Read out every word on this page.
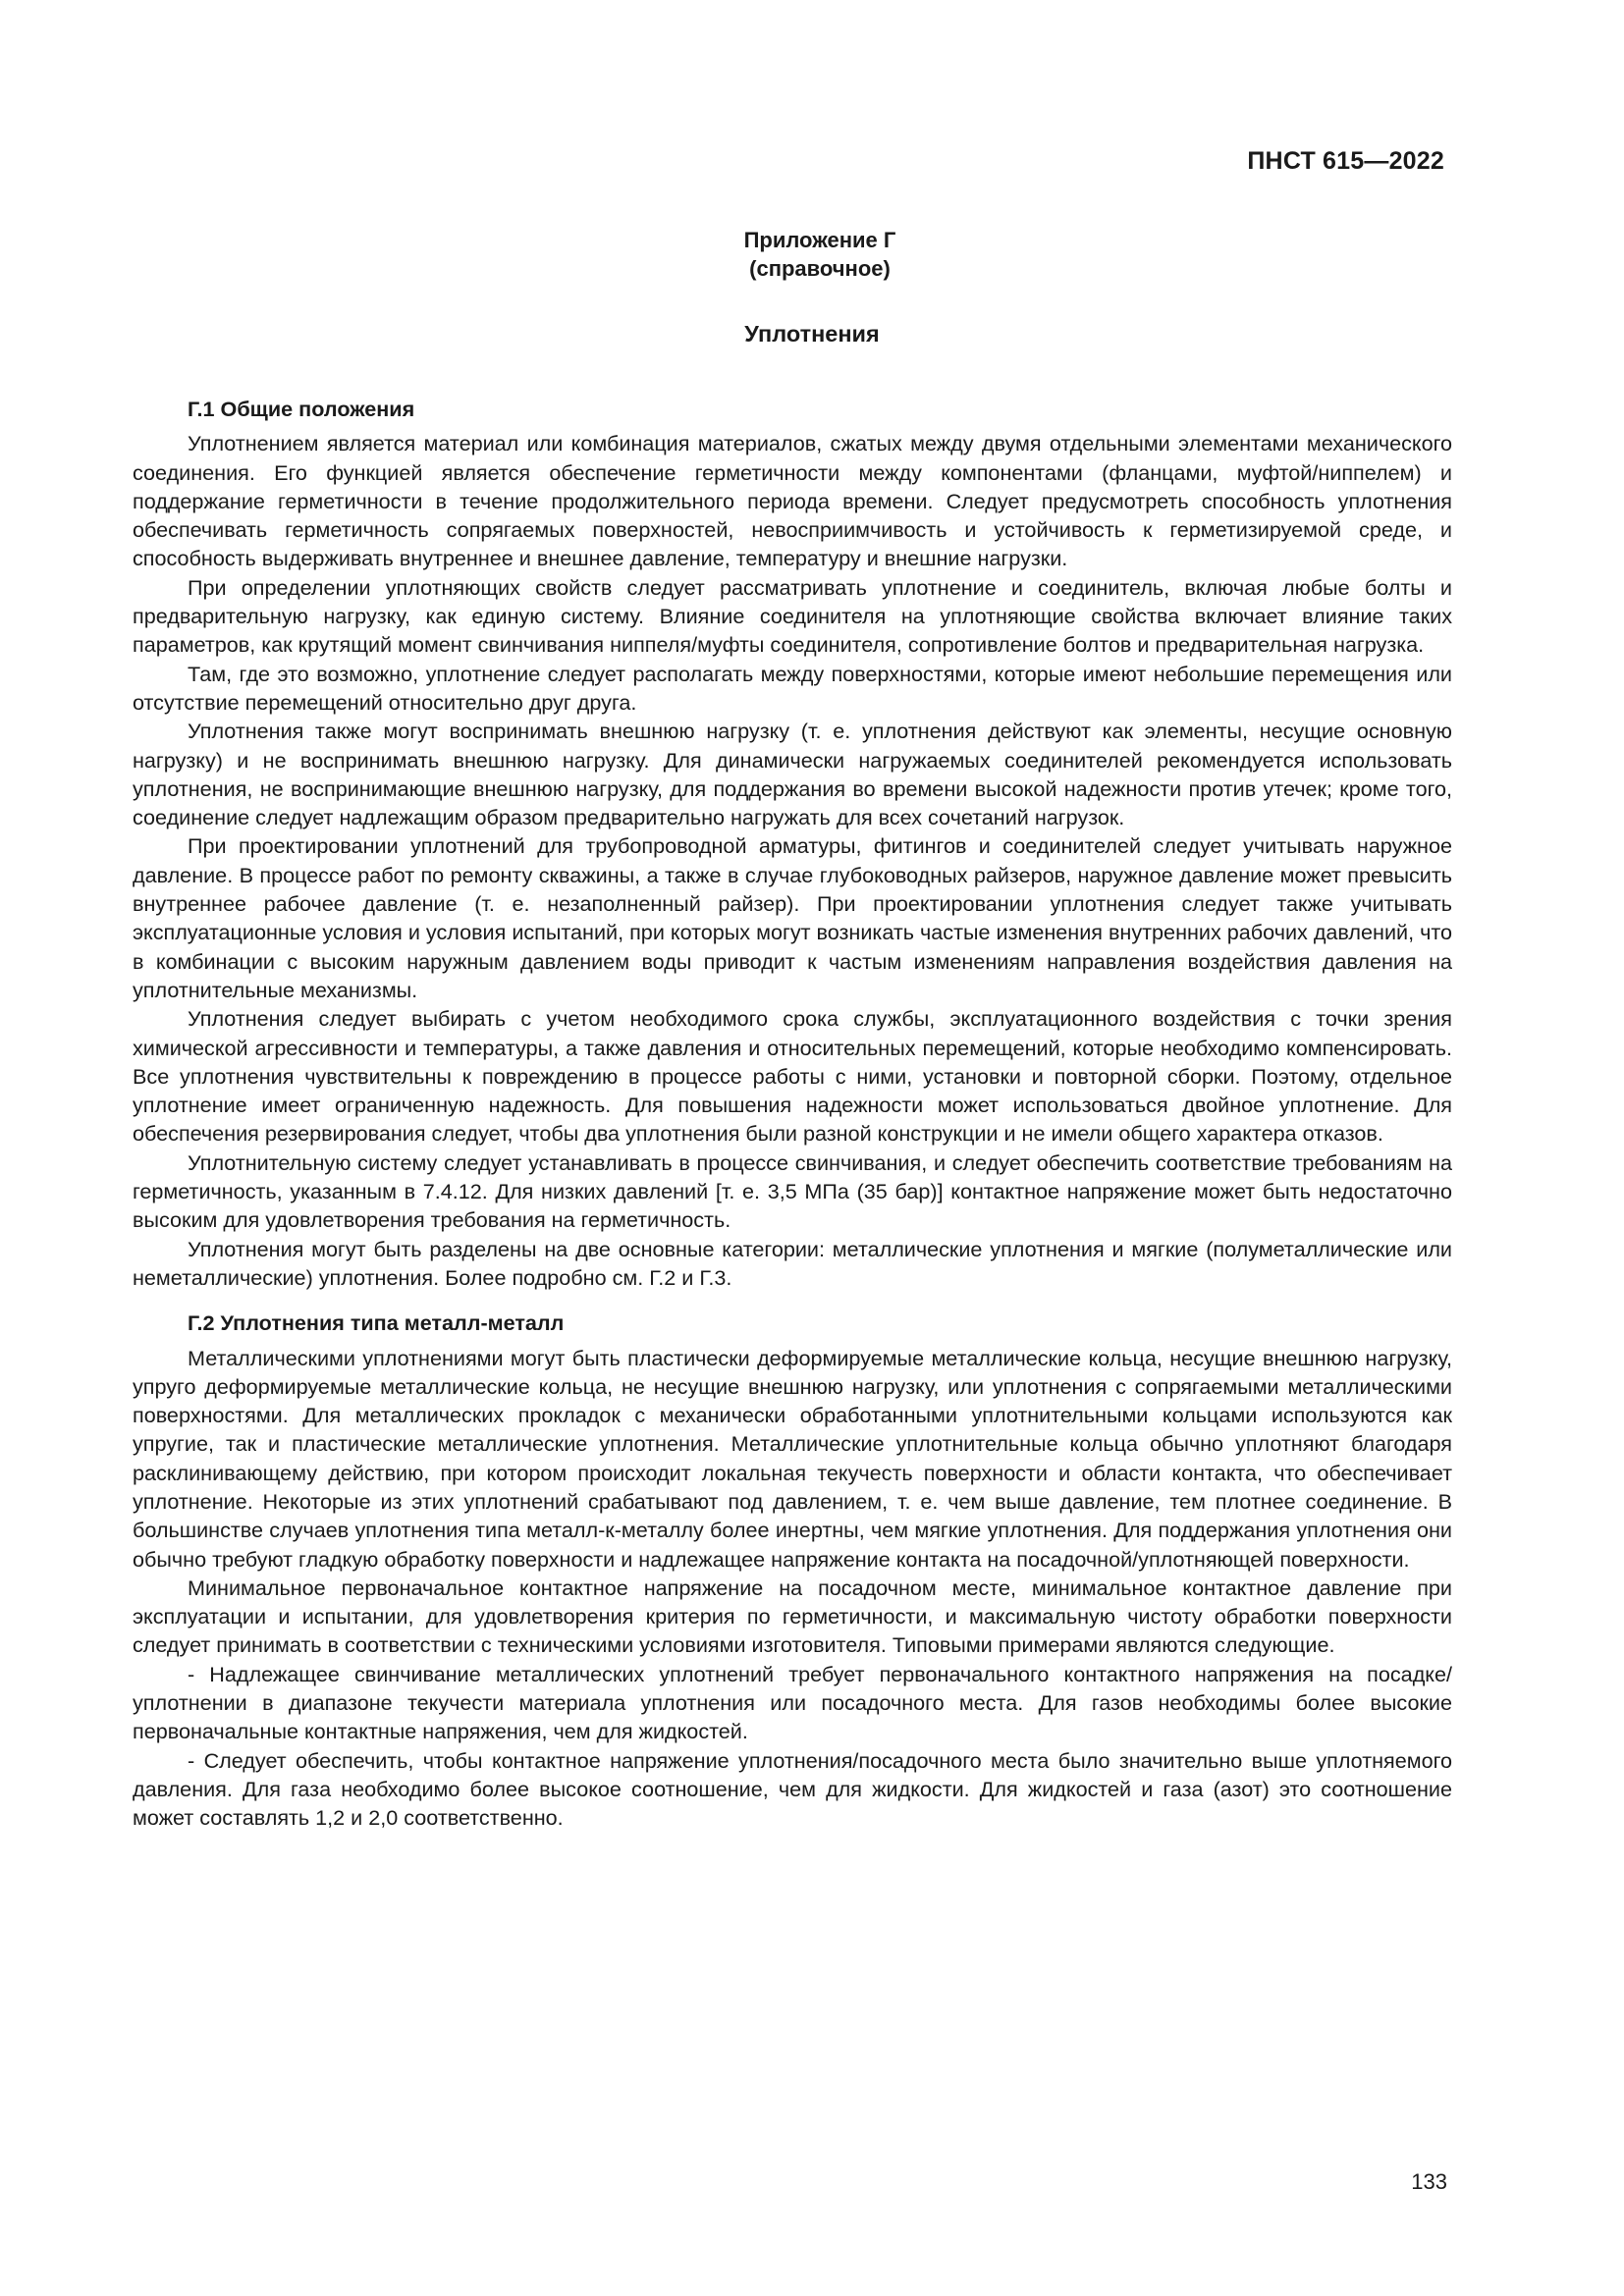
ПНСТ 615—2022
Приложение Г
(справочное)
Уплотнения
Г.1 Общие положения

Уплотнением является материал или комбинация материалов, сжатых между двумя отдельными элементами механического соединения. Его функцией является обеспечение герметичности между компонентами (фланцами, муфтой/ниппелем) и поддержание герметичности в течение продолжительного периода времени. Следует предусмотреть способность уплотнения обеспечивать герметичность сопрягаемых поверхностей, невосприимчивость и устойчивость к герметизируемой среде, и способность выдерживать внутреннее и внешнее давление, температуру и внешние нагрузки.

При определении уплотняющих свойств следует рассматривать уплотнение и соединитель, включая любые болты и предварительную нагрузку, как единую систему. Влияние соединителя на уплотняющие свойства включает влияние таких параметров, как крутящий момент свинчивания ниппеля/муфты соединителя, сопротивление болтов и предварительная нагрузка.

Там, где это возможно, уплотнение следует располагать между поверхностями, которые имеют небольшие перемещения или отсутствие перемещений относительно друг друга.

Уплотнения также могут воспринимать внешнюю нагрузку (т. е. уплотнения действуют как элементы, несущие основную нагрузку) и не воспринимать внешнюю нагрузку. Для динамически нагружаемых соединителей рекомендуется использовать уплотнения, не воспринимающие внешнюю нагрузку, для поддержания во времени высокой надежности против утечек; кроме того, соединение следует надлежащим образом предварительно нагружать для всех сочетаний нагрузок.

При проектировании уплотнений для трубопроводной арматуры, фитингов и соединителей следует учитывать наружное давление. В процессе работ по ремонту скважины, а также в случае глубоководных райзеров, наружное давление может превысить внутреннее рабочее давление (т. е. незаполненный райзер). При проектировании уплотнения следует также учитывать эксплуатационные условия и условия испытаний, при которых могут возникать частые изменения внутренних рабочих давлений, что в комбинации с высоким наружным давлением воды приводит к частым изменениям направления воздействия давления на уплотнительные механизмы.

Уплотнения следует выбирать с учетом необходимого срока службы, эксплуатационного воздействия с точки зрения химической агрессивности и температуры, а также давления и относительных перемещений, которые необходимо компенсировать. Все уплотнения чувствительны к повреждению в процессе работы с ними, установки и повторной сборки. Поэтому, отдельное уплотнение имеет ограниченную надежность. Для повышения надежности может использоваться двойное уплотнение. Для обеспечения резервирования следует, чтобы два уплотнения были разной конструкции и не имели общего характера отказов.

Уплотнительную систему следует устанавливать в процессе свинчивания, и следует обеспечить соответствие требованиям на герметичность, указанным в 7.4.12. Для низких давлений [т. е. 3,5 МПа (35 бар)] контактное напряжение может быть недостаточно высоким для удовлетворения требования на герметичность.

Уплотнения могут быть разделены на две основные категории: металлические уплотнения и мягкие (полуметаллические или неметаллические) уплотнения. Более подробно см. Г.2 и Г.3.

Г.2 Уплотнения типа металл-металл

Металлическими уплотнениями могут быть пластически деформируемые металлические кольца, несущие внешнюю нагрузку, упруго деформируемые металлические кольца, не несущие внешнюю нагрузку, или уплотнения с сопрягаемыми металлическими поверхностями. Для металлических прокладок с механически обработанными уплотнительными кольцами используются как упругие, так и пластические металлические уплотнения. Металлические уплотнительные кольца обычно уплотняют благодаря расклинивающему действию, при котором происходит локальная текучесть поверхности и области контакта, что обеспечивает уплотнение. Некоторые из этих уплотнений срабатывают под давлением, т. е. чем выше давление, тем плотнее соединение. В большинстве случаев уплотнения типа металл-к-металлу более инертны, чем мягкие уплотнения. Для поддержания уплотнения они обычно требуют гладкую обработку поверхности и надлежащее напряжение контакта на посадочной/уплотняющей поверхности.

Минимальное первоначальное контактное напряжение на посадочном месте, минимальное контактное давление при эксплуатации и испытании, для удовлетворения критерия по герметичности, и максимальную чистоту обработки поверхности следует принимать в соответствии с техническими условиями изготовителя. Типовыми примерами являются следующие.

- Надлежащее свинчивание металлических уплотнений требует первоначального контактного напряжения на посадке/уплотнении в диапазоне текучести материала уплотнения или посадочного места. Для газов необходимы более высокие первоначальные контактные напряжения, чем для жидкостей.

- Следует обеспечить, чтобы контактное напряжение уплотнения/посадочного места было значительно выше уплотняемого давления. Для газа необходимо более высокое соотношение, чем для жидкости. Для жидкостей и газа (азот) это соотношение может составлять 1,2 и 2,0 соответственно.

133
